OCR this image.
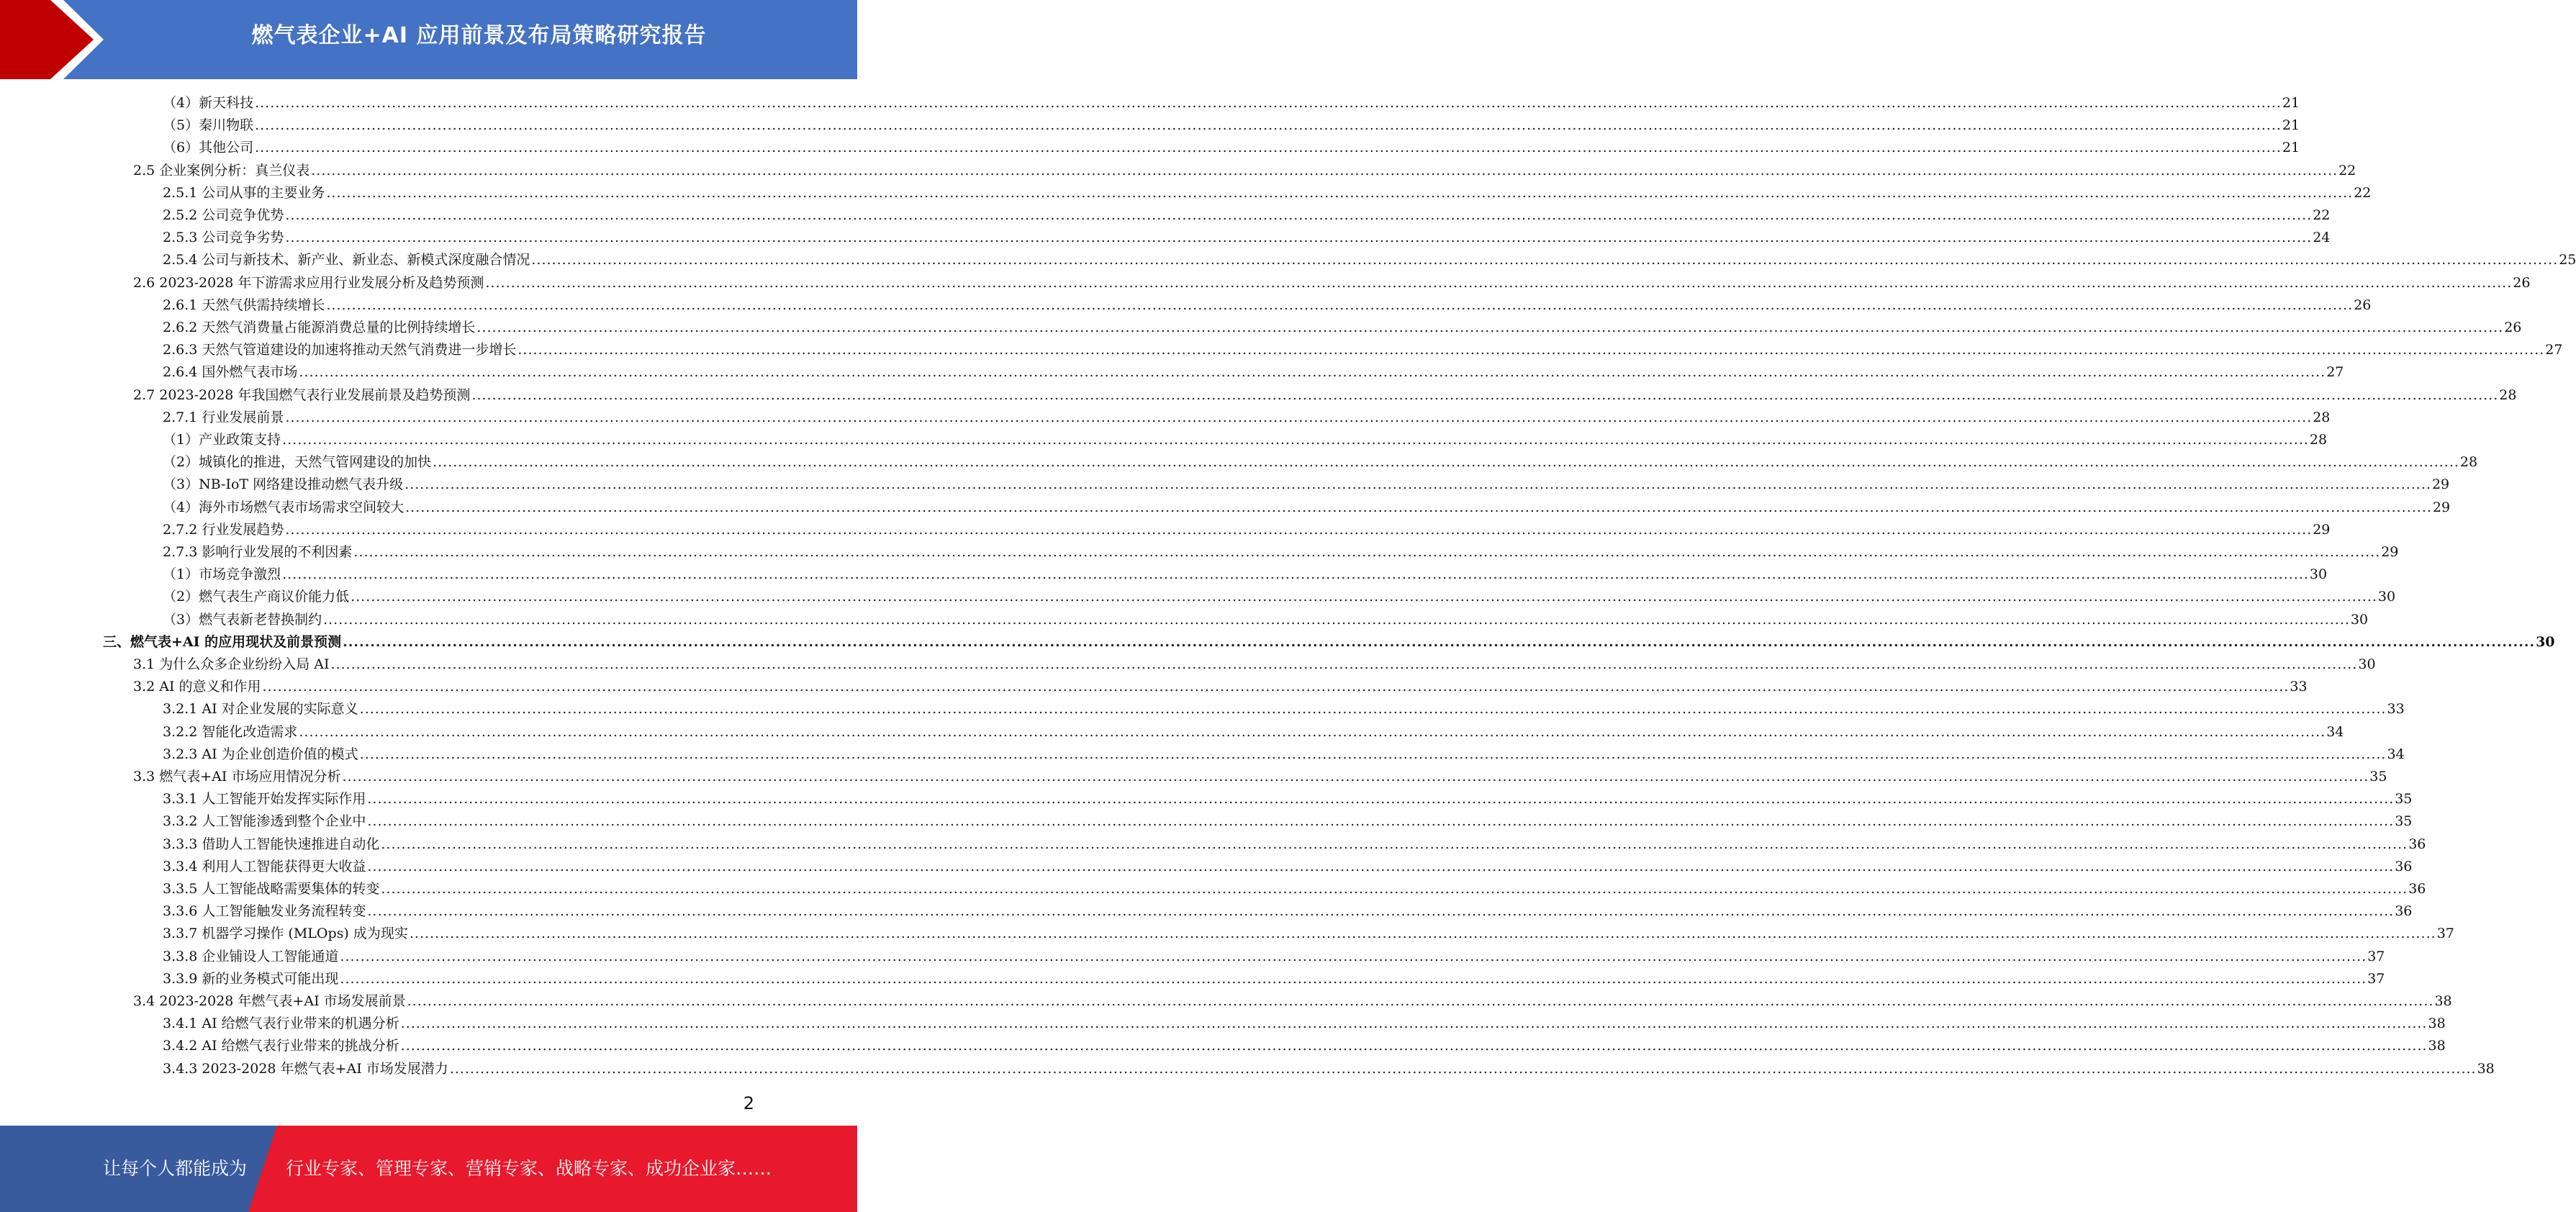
燃气表企业+AI 应用前景及布局策略研究报告
（4）新天科技 ................................................................................................................................................................................................................................................................................................................................................................................................................ 21
（5）秦川物联 ................................................................................................................................................................................................................................................................................................................................................................................................................ 21
（6）其他公司 ................................................................................................................................................................................................................................................................................................................................................................................................................ 21
2.5 企业案例分析：真兰仪表 ................................................................................................................................................................................................................................................................................................................................................................................................................ 22
2.5.1 公司从事的主要业务 ................................................................................................................................................................................................................................................................................................................................................................................................................ 22
2.5.2 公司竞争优势 ................................................................................................................................................................................................................................................................................................................................................................................................................ 22
2.5.3 公司竞争劣势 ................................................................................................................................................................................................................................................................................................................................................................................................................ 24
2.5.4 公司与新技术、新产业、新业态、新模式深度融合情况 ................................................................................................................................................................................................................................................................................................................................................................................................................ 25
2.6 2023-2028 年下游需求应用行业发展分析及趋势预测 ................................................................................................................................................................................................................................................................................................................................................................................................................ 26
2.6.1 天然气供需持续增长 ................................................................................................................................................................................................................................................................................................................................................................................................................ 26
2.6.2 天然气消费量占能源消费总量的比例持续增长 ................................................................................................................................................................................................................................................................................................................................................................................................................ 26
2.6.3 天然气管道建设的加速将推动天然气消费进一步增长 ................................................................................................................................................................................................................................................................................................................................................................................................................ 27
2.6.4 国外燃气表市场 ................................................................................................................................................................................................................................................................................................................................................................................................................ 27
2.7 2023-2028 年我国燃气表行业发展前景及趋势预测 ................................................................................................................................................................................................................................................................................................................................................................................................................ 28
2.7.1 行业发展前景 ................................................................................................................................................................................................................................................................................................................................................................................................................ 28
（1）产业政策支持 ................................................................................................................................................................................................................................................................................................................................................................................................................ 28
（2）城镇化的推进，天然气管网建设的加快 ................................................................................................................................................................................................................................................................................................................................................................................................................ 28
（3）NB-IoT 网络建设推动燃气表升级 ................................................................................................................................................................................................................................................................................................................................................................................................................ 29
（4）海外市场燃气表市场需求空间较大 ................................................................................................................................................................................................................................................................................................................................................................................................................ 29
2.7.2 行业发展趋势 ................................................................................................................................................................................................................................................................................................................................................................................................................ 29
2.7.3 影响行业发展的不利因素 ................................................................................................................................................................................................................................................................................................................................................................................................................ 29
（1）市场竞争激烈 ................................................................................................................................................................................................................................................................................................................................................................................................................ 30
（2）燃气表生产商议价能力低 ................................................................................................................................................................................................................................................................................................................................................................................................................ 30
（3）燃气表新老替换制约 ................................................................................................................................................................................................................................................................................................................................................................................................................ 30
三、燃气表+AI 的应用现状及前景预测 ................................................................................................................................................................................................................................................................................................................................................................................................................ 30
3.1 为什么众多企业纷纷入局 AI ................................................................................................................................................................................................................................................................................................................................................................................................................ 30
3.2 AI 的意义和作用 ................................................................................................................................................................................................................................................................................................................................................................................................................ 33
3.2.1 AI 对企业发展的实际意义 ................................................................................................................................................................................................................................................................................................................................................................................................................ 33
3.2.2 智能化改造需求 ................................................................................................................................................................................................................................................................................................................................................................................................................ 34
3.2.3 AI 为企业创造价值的模式 ................................................................................................................................................................................................................................................................................................................................................................................................................ 34
3.3 燃气表+AI 市场应用情况分析 ................................................................................................................................................................................................................................................................................................................................................................................................................ 35
3.3.1 人工智能开始发挥实际作用 ................................................................................................................................................................................................................................................................................................................................................................................................................ 35
3.3.2 人工智能渗透到整个企业中 ................................................................................................................................................................................................................................................................................................................................................................................................................ 35
3.3.3 借助人工智能快速推进自动化 ................................................................................................................................................................................................................................................................................................................................................................................................................ 36
3.3.4 利用人工智能获得更大收益 ................................................................................................................................................................................................................................................................................................................................................................................................................ 36
3.3.5 人工智能战略需要集体的转变 ................................................................................................................................................................................................................................................................................................................................................................................................................ 36
3.3.6 人工智能触发业务流程转变 ................................................................................................................................................................................................................................................................................................................................................................................................................ 36
3.3.7 机器学习操作 (MLOps) 成为现实 ................................................................................................................................................................................................................................................................................................................................................................................................................ 37
3.3.8 企业铺设人工智能通道 ................................................................................................................................................................................................................................................................................................................................................................................................................ 37
3.3.9 新的业务模式可能出现 ................................................................................................................................................................................................................................................................................................................................................................................................................ 37
3.4 2023-2028 年燃气表+AI 市场发展前景 ................................................................................................................................................................................................................................................................................................................................................................................................................ 38
3.4.1 AI 给燃气表行业带来的机遇分析 ................................................................................................................................................................................................................................................................................................................................................................................................................ 38
3.4.2 AI 给燃气表行业带来的挑战分析 ................................................................................................................................................................................................................................................................................................................................................................................................................ 38
3.4.3 2023-2028 年燃气表+AI 市场发展潜力 ................................................................................................................................................................................................................................................................................................................................................................................................................ 38
2
让每个人都能成为 行业专家、管理专家、营销专家、战略专家、成功企业家……
